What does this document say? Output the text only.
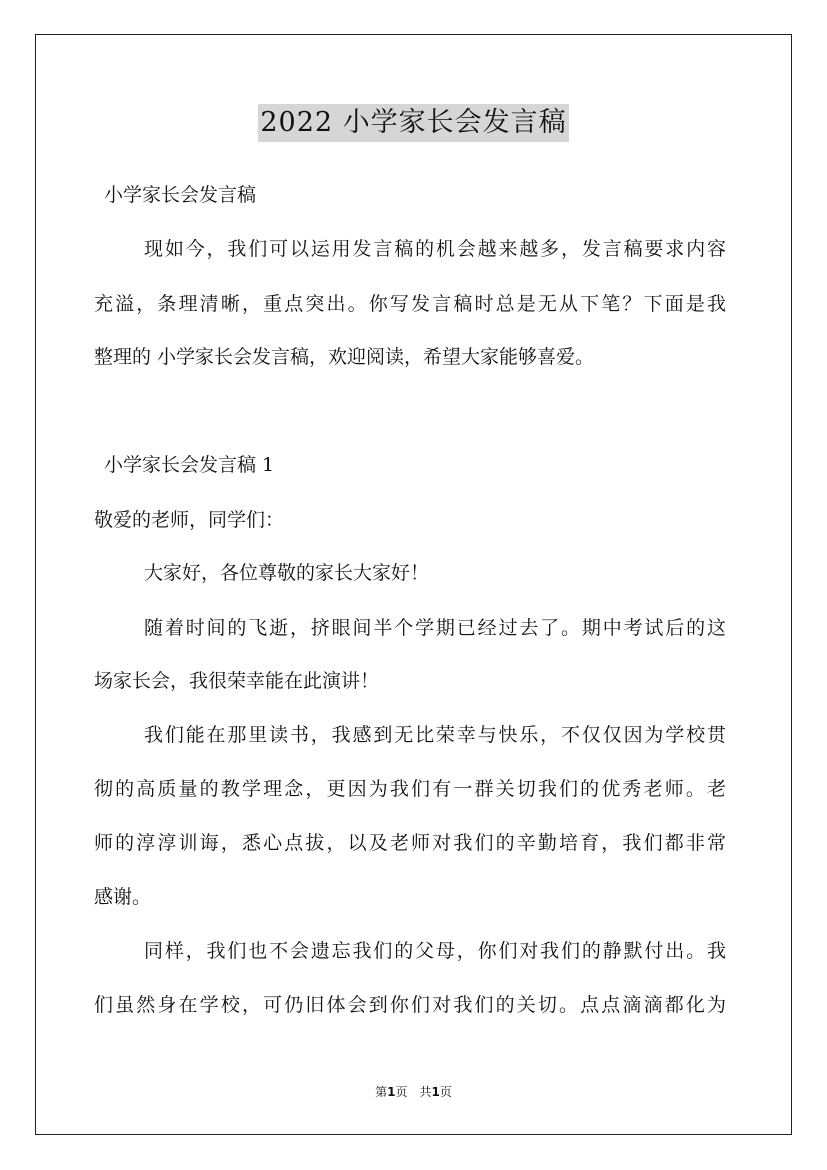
2022 小学家长会发言稿
小学家长会发言稿
现如今，我们可以运用发言稿的机会越来越多，发言稿要求内容
充溢，条理清晰，重点突出。你写发言稿时总是无从下笔？下面是我
整理的 小学家长会发言稿，欢迎阅读，希望大家能够喜爱。
小学家长会发言稿 1
敬爱的老师，同学们：
大家好，各位尊敬的家长大家好！
随着时间的飞逝，挤眼间半个学期已经过去了。期中考试后的这
场家长会，我很荣幸能在此演讲！
我们能在那里读书，我感到无比荣幸与快乐，不仅仅因为学校贯
彻的高质量的教学理念，更因为我们有一群关切我们的优秀老师。老
师的淳淳训诲，悉心点拔，以及老师对我们的辛勤培育，我们都非常
感谢。
同样，我们也不会遗忘我们的父母，你们对我们的静默付出。我
们虽然身在学校，可仍旧体会到你们对我们的关切。点点滴滴都化为
第1页　共1页
